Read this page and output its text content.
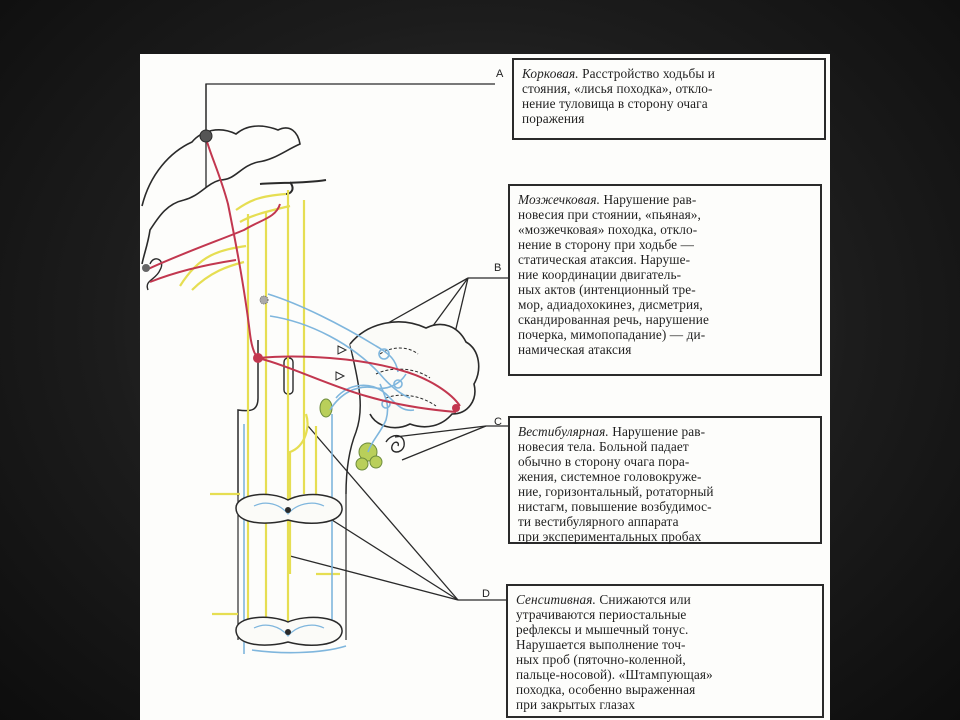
A
B
C
D
Корковая. Расстройство ходьбы и
стояния, «лисья походка», откло-
нение туловища в сторону очага
поражения
Мозжечковая. Нарушение рав-
новесия при стоянии, «пьяная»,
«мозжечковая» походка, откло-
нение в сторону при ходьбе —
статическая атаксия. Наруше-
ние координации двигатель-
ных актов (интенционный тре-
мор, адиадохокинез, дисметрия,
скандированная речь, нарушение
почерка, мимопопадание) — ди-
намическая атаксия
Вестибулярная. Нарушение рав-
новесия тела. Больной падает
обычно в сторону очага пора-
жения, системное головокруже-
ние, горизонтальный, ротаторный
нистагм, повышение возбудимос-
ти вестибулярного аппарата
при экспериментальных пробах
Сенситивная. Снижаются или
утрачиваются периостальные
рефлексы и мышечный тонус.
Нарушается выполнение точ-
ных проб (пяточно-коленной,
пальце-носовой). «Штампующая»
походка, особенно выраженная
при закрытых глазах
